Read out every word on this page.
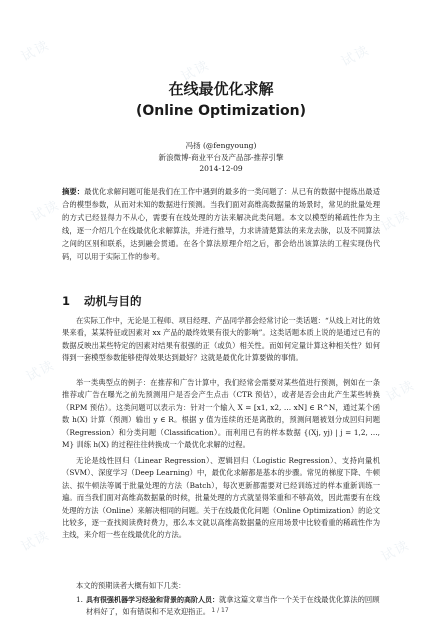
试读
试读
试读
试读	试读
试读
试读
试读	试读
在线最优化求解
(Online Optimization)
冯扬 (@fengyoung)
新浪微博-商业平台及产品部-推荐引擎
2014-12-09
摘要：最优化求解问题可能是我们在工作中遇到的最多的一类问题了：从已有的数据中提炼出最适合的模型参数，从而对未知的数据进行预测。当我们面对高维高数据量的场景时，常见的批量处理的方式已经显得力不从心，需要有在线处理的方法来解决此类问题。本文以模型的稀疏性作为主线，逐一介绍几个在线最优化求解算法，并进行推导，力求讲清楚算法的来龙去脉，以及不同算法之间的区别和联系，达到融会贯通。在各个算法原理介绍之后，都会给出该算法的工程实现伪代码，可以用于实际工作的参考。
1 动机与目的
在实际工作中，无论是工程师、项目经理、产品同学都会经常讨论一类话题：“从线上对比的效果来看，某某特征或因素对 xx 产品的最终效果有很大的影响”。这类话题本质上说的是通过已有的数据反映出某些特定的因素对结果有很强的正（或负）相关性。而如何定量计算这种相关性？如何得到一套模型参数能够使得效果达到最好？这就是最优化计算要做的事情。
举一类典型点的例子：在推荐和广告计算中，我们经常会需要对某些值进行预测，例如在一条推荐或广告在曝光之前先预测用户是否会产生点击（CTR 预估），或者是否会由此产生某些转换（RPM 预估）。这类问题可以表示为：针对一个输入 X = [x1, x2, … xN] ∈ R^N，通过某个函数 h(X) 计算（预测）输出 y ∈ R。根据 y 值为连续的还是离散的，预测问题被划分成回归问题（Regression）和分类问题（Classification）。而利用已有的样本数据 {(Xj, yj) | j = 1,2, …, M} 训练 h(X) 的过程往往转换成一个最优化求解的过程。
无论是线性回归（Linear Regression）、逻辑回归（Logistic Regression）、支持向量机（SVM）、深度学习（Deep Learning）中，最优化求解都是基本的步骤。常见的梯度下降、牛顿法、拟牛顿法等属于批量处理的方法（Batch），每次更新都需要对已经训练过的样本重新训练一遍。而当我们面对高维高数据量的时候，批量处理的方式就显得笨重和不够高效，因此需要有在线处理的方法（Online）来解决相同的问题。关于在线最优化问题（Online Optimization）的论文比较多，逐一查找阅读费时费力，那么本文就以高维高数据量的应用场景中比较看重的稀疏性作为主线，来介绍一些在线最优化的方法。
本文的预期读者大概有如下几类：
1. 具有很强机器学习经验和背景的高阶人员：就拿这篇文章当作一个关于在线最优化算法的回顾材料好了，如有错误和不足欢迎指正。 1 / 17
